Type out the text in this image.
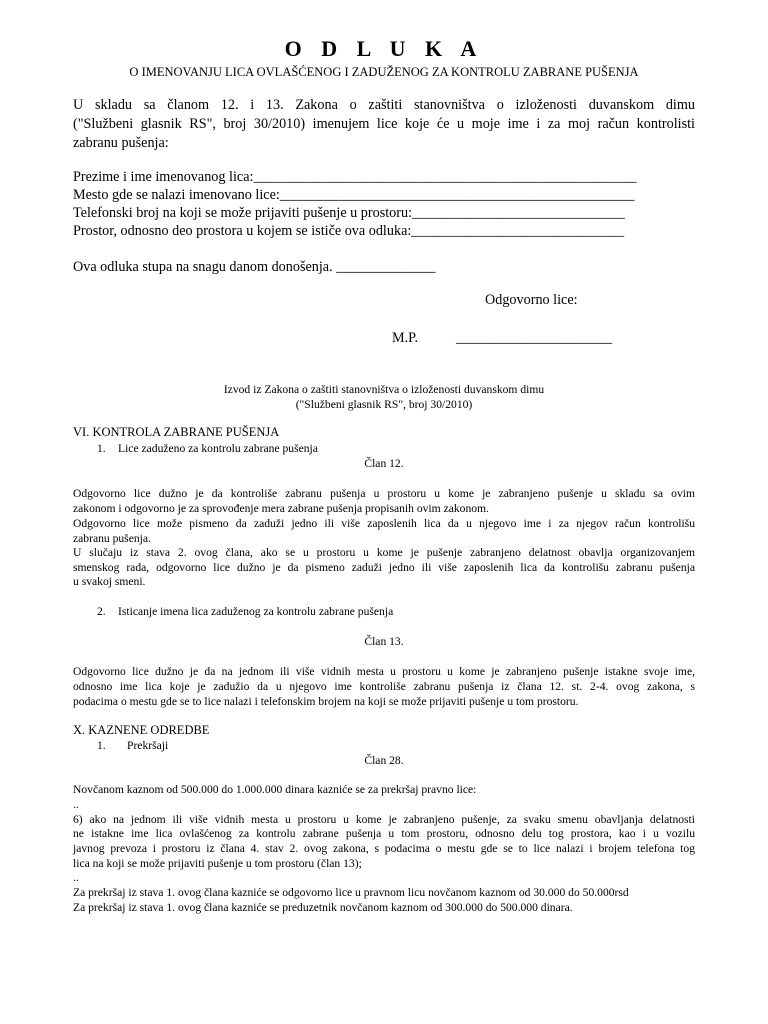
O D L U K A
O IMENOVANJU LICA OVLAŠĆENOG I ZADUŽENOG ZA KONTROLU ZABRANE PUŠENJA
U skladu sa članom 12. i 13. Zakona o zaštiti stanovništva o izloženosti duvanskom dimu
("Službeni glasnik RS", broj 30/2010) imenujem lice koje će u moje ime i za moj račun kontrolisti
zabranu pušenja:
Prezime i ime imenovanog lica:______________________________________________________
Mesto gde se nalazi imenovano lice:__________________________________________________
Telefonski broj na koji se može prijaviti pušenje u prostoru:______________________________
Prostor, odnosno deo prostora u kojem se ističe ova odluka:______________________________
Ova odluka stupa na snagu danom donošenja. ______________
Odgovorno lice:
M.P.	______________________
Izvod iz Zakona o zaštiti stanovništva o izloženosti duvanskom dimu
("Službeni glasnik RS", broj 30/2010)
VI. KONTROLA ZABRANE PUŠENJA
1. Lice zaduženo za kontrolu zabrane pušenja
Član 12.
Odgovorno lice dužno je da kontroliše zabranu pušenja u prostoru u kome je zabranjeno pušenje u skladu sa ovim
zakonom i odgovorno je za sprovođenje mera zabrane pušenja propisanih ovim zakonom.
Odgovorno lice može pismeno da zaduži jedno ili više zaposlenih lica da u njegovo ime i za njegov račun kontrolišu
zabranu pušenja.
U slučaju iz stava 2. ovog člana, ako se u prostoru u kome je pušenje zabranjeno delatnost obavlja organizovanjem
smenskog rada, odgovorno lice dužno je da pismeno zaduži jedno ili više zaposlenih lica da kontrolišu zabranu pušenja
u svakoj smeni.
2. Isticanje imena lica zaduženog za kontrolu zabrane pušenja
Član 13.
Odgovorno lice dužno je da na jednom ili više vidnih mesta u prostoru u kome je zabranjeno pušenje istakne svoje ime,
odnosno ime lica koje je zadužio da u njegovo ime kontroliše zabranu pušenja iz člana 12. st. 2-4. ovog zakona, s
podacima o mestu gde se to lice nalazi i telefonskim brojem na koji se može prijaviti pušenje u tom prostoru.
X. KAZNENE ODREDBE
1. Prekršaji
Član 28.
Novčanom kaznom od 500.000 do 1.000.000 dinara kazniće se za prekršaj pravno lice:
..
6) ako na jednom ili više vidnih mesta u prostoru u kome je zabranjeno pušenje, za svaku smenu obavljanja delatnosti
ne istakne ime lica ovlašćenog za kontrolu zabrane pušenja u tom prostoru, odnosno delu tog prostora, kao i u vozilu
javnog prevoza i prostoru iz člana 4. stav 2. ovog zakona, s podacima o mestu gde se to lice nalazi i brojem telefona tog
lica na koji se može prijaviti pušenje u tom prostoru (član 13);
..
Za prekršaj iz stava 1. ovog člana kazniće se odgovorno lice u pravnom licu novčanom kaznom od 30.000 do 50.000rsd
Za prekršaj iz stava 1. ovog člana kazniće se preduzetnik novčanom kaznom od 300.000 do 500.000 dinara.
